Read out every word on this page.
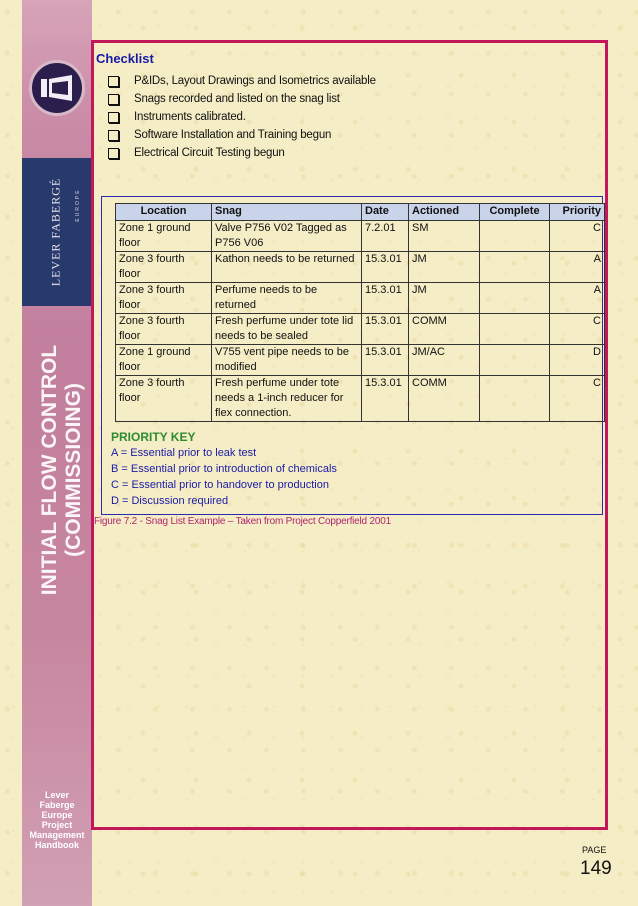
LEVER FABERGÉ	EUROPE
INITIAL FLOW CONTROL (COMMISSIOING)
Lever
Faberge
Europe
Project
Management
Handbook
Checklist
P&IDs, Layout Drawings and Isometrics available
Snags recorded and listed on the snag list
Instruments calibrated.
Software Installation and Training begun
Electrical Circuit Testing begun
Location	Snag	Date	Actioned	Complete	Priority
Zone 1 ground floor	Valve P756 V02 Tagged as P756 V06	7.2.01	SM		C
Zone 3 fourth floor	Kathon needs to be returned	15.3.01	JM		A
Zone 3 fourth floor	Perfume needs to be returned	15.3.01	JM		A
Zone 3 fourth floor	Fresh perfume under tote lid needs to be sealed	15.3.01	COMM		C
Zone 1 ground floor	V755 vent pipe needs to be modified	15.3.01	JM/AC		D
Zone 3 fourth floor	Fresh perfume under tote needs a 1-inch reducer for flex connection.	15.3.01	COMM		C
PRIORITY KEY
A = Essential prior to leak test
B = Essential prior to introduction of chemicals
C = Essential prior to handover to production
D = Discussion required
Figure 7.2 - Snag List Example – Taken from Project Copperfield 2001
PAGE
149
